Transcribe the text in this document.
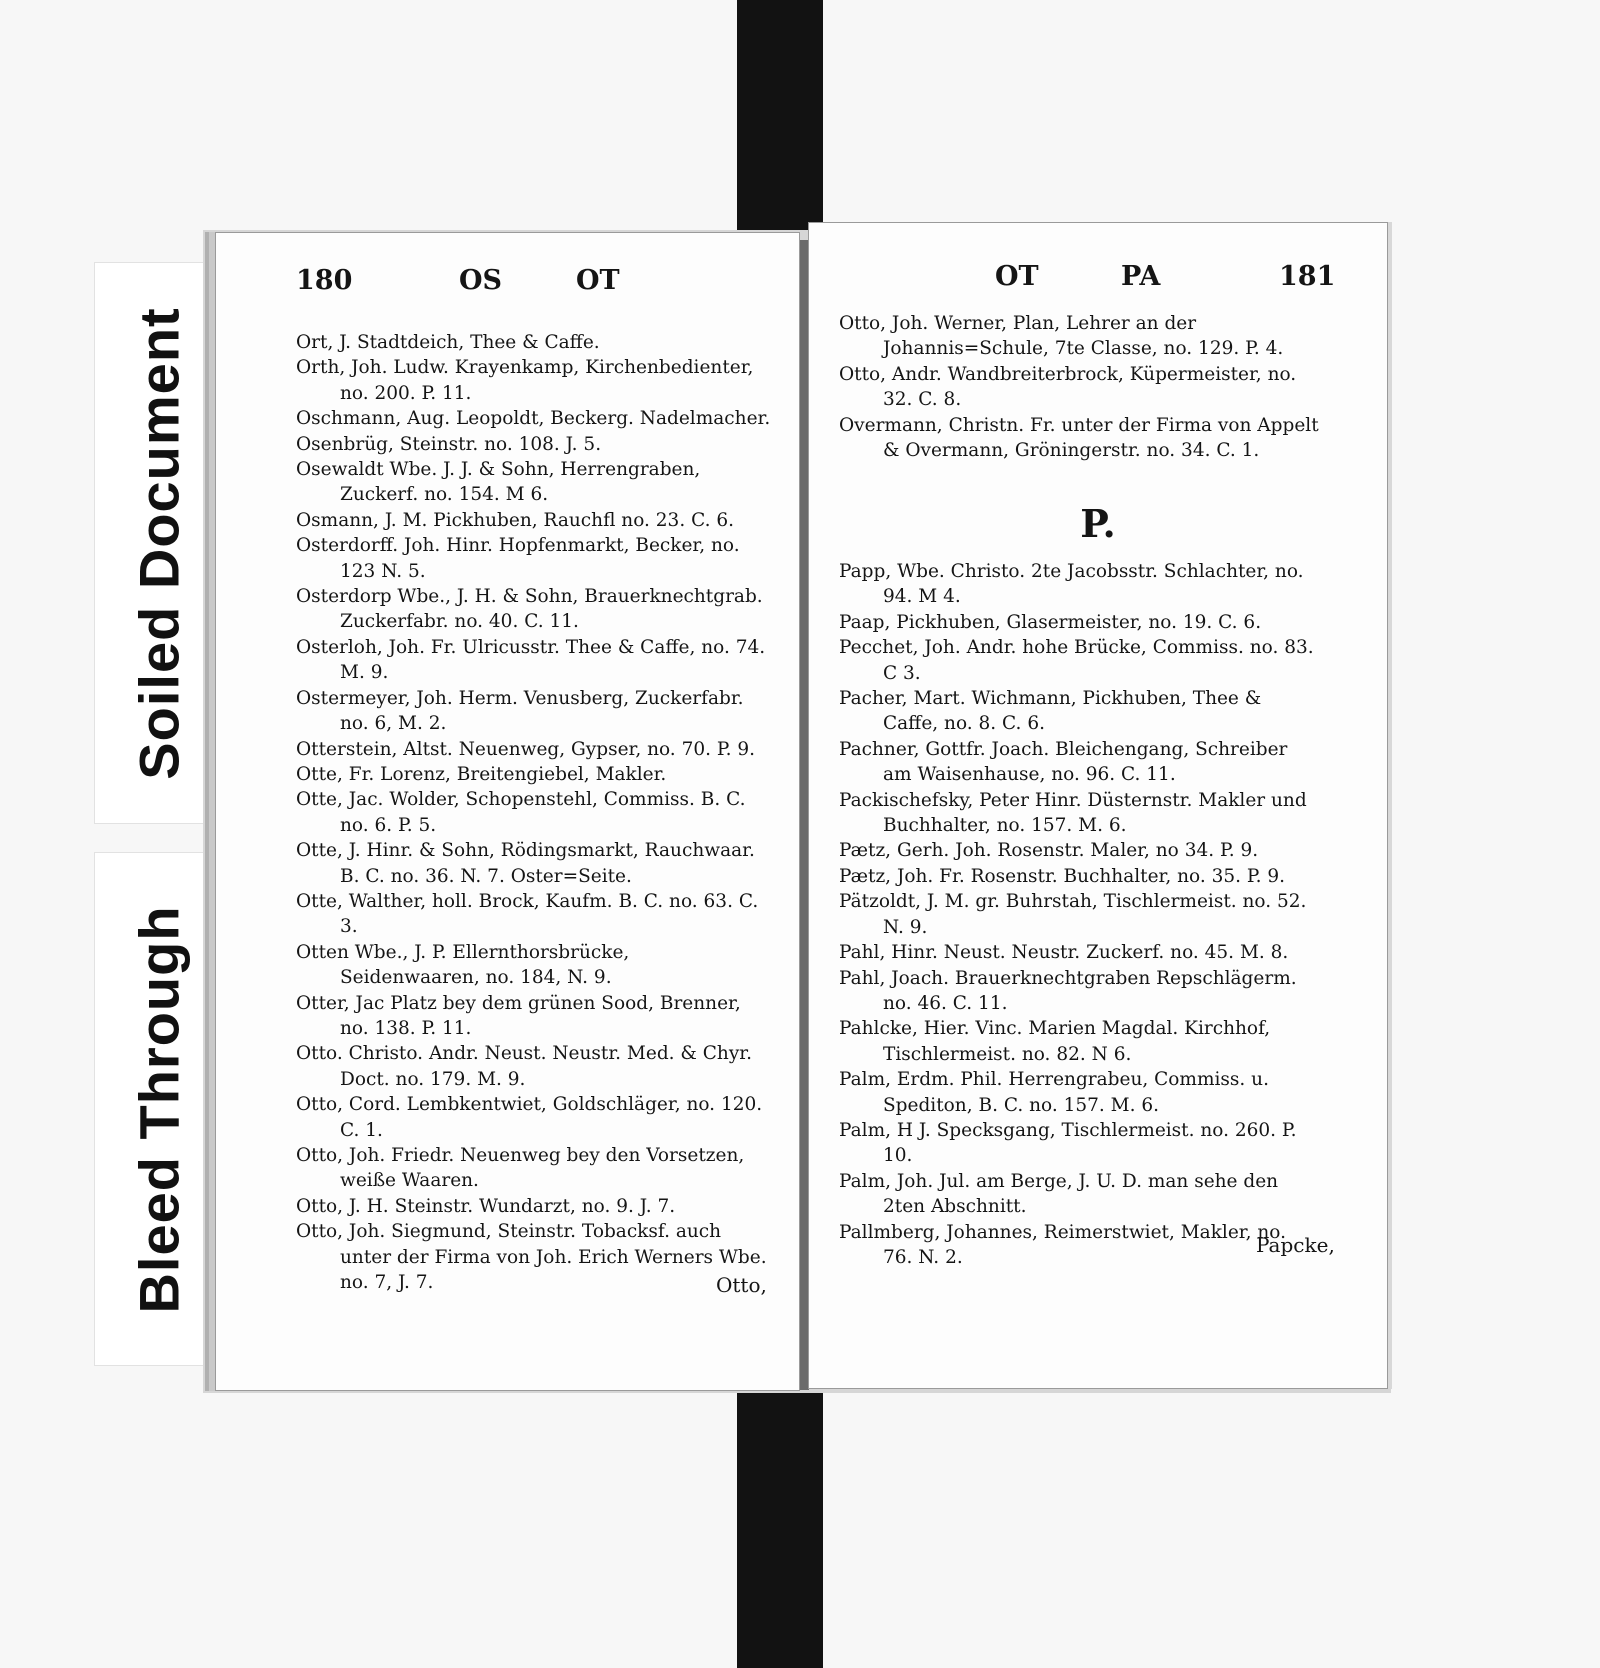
Soiled Document
Bleed Through
180	OS	OT

Ort, J. Stadtdeich, Thee & Caffe.

Orth, Joh. Ludw. Krayenkamp, Kirchenbedienter, no. 200. P. 11.

Oschmann, Aug. Leopoldt, Beckerg. Nadelmacher.

Osenbrüg, Steinstr. no. 108. J. 5.

Osewaldt Wbe. J. J. & Sohn, Herrengraben, Zuckerf. no. 154. M 6.

Osmann, J. M. Pickhuben, Rauchfl no. 23. C. 6.

Osterdorff. Joh. Hinr. Hopfenmarkt, Becker, no. 123 N. 5.

Osterdorp Wbe., J. H. & Sohn, Brauerknechtgrab. Zuckerfabr. no. 40. C. 11.

Osterloh, Joh. Fr. Ulricusstr. Thee & Caffe, no. 74. M. 9.

Ostermeyer, Joh. Herm. Venusberg, Zuckerfabr. no. 6, M. 2.

Otterstein, Altst. Neuenweg, Gypser, no. 70. P. 9.

Otte, Fr. Lorenz, Breitengiebel, Makler.

Otte, Jac. Wolder, Schopenstehl, Commiss. B. C. no. 6. P. 5.

Otte, J. Hinr. & Sohn, Rödingsmarkt, Rauchwaar. B. C. no. 36. N. 7. Oster=Seite.

Otte, Walther, holl. Brock, Kaufm. B. C. no. 63. C. 3.

Otten Wbe., J. P. Ellernthorsbrücke, Seidenwaaren, no. 184, N. 9.

Otter, Jac Platz bey dem grünen Sood, Brenner, no. 138. P. 11.

Otto. Christo. Andr. Neust. Neustr. Med. & Chyr. Doct. no. 179. M. 9.

Otto, Cord. Lembkentwiet, Goldschläger, no. 120. C. 1.

Otto, Joh. Friedr. Neuenweg bey den Vorsetzen, weiße Waaren.

Otto, J. H. Steinstr. Wundarzt, no. 9. J. 7.

Otto, Joh. Siegmund, Steinstr. Tobacksf. auch unter der Firma von Joh. Erich Werners Wbe. no. 7, J. 7.	Otto,
OT	PA	181

Otto, Joh. Werner, Plan, Lehrer an der Johannis=Schule, 7te Classe, no. 129. P. 4.

Otto, Andr. Wandbreiterbrock, Küpermeister, no. 32. C. 8.

Overmann, Christn. Fr. unter der Firma von Appelt & Overmann, Gröningerstr. no. 34. C. 1.

P.

Papp, Wbe. Christo. 2te Jacobsstr. Schlachter, no. 94. M 4.

Paap, Pickhuben, Glasermeister, no. 19. C. 6.

Pecchet, Joh. Andr. hohe Brücke, Commiss. no. 83. C 3.

Pacher, Mart. Wichmann, Pickhuben, Thee & Caffe, no. 8. C. 6.

Pachner, Gottfr. Joach. Bleichengang, Schreiber am Waisenhause, no. 96. C. 11.

Packischefsky, Peter Hinr. Düsternstr. Makler und Buchhalter, no. 157. M. 6.

Pætz, Gerh. Joh. Rosenstr. Maler, no 34. P. 9.

Pætz, Joh. Fr. Rosenstr. Buchhalter, no. 35. P. 9.

Pätzoldt, J. M. gr. Buhrstah, Tischlermeist. no. 52. N. 9.

Pahl, Hinr. Neust. Neustr. Zuckerf. no. 45. M. 8.

Pahl, Joach. Brauerknechtgraben Repschlägerm. no. 46. C. 11.

Pahlcke, Hier. Vinc. Marien Magdal. Kirchhof, Tischlermeist. no. 82. N 6.

Palm, Erdm. Phil. Herrengrabeu, Commiss. u. Spediton, B. C. no. 157. M. 6.

Palm, H J. Specksgang, Tischlermeist. no. 260. P. 10.

Palm, Joh. Jul. am Berge, J. U. D. man sehe den 2ten Abschnitt.

Pallmberg, Johannes, Reimerstwiet, Makler, no. 76. N. 2.

Papcke,
